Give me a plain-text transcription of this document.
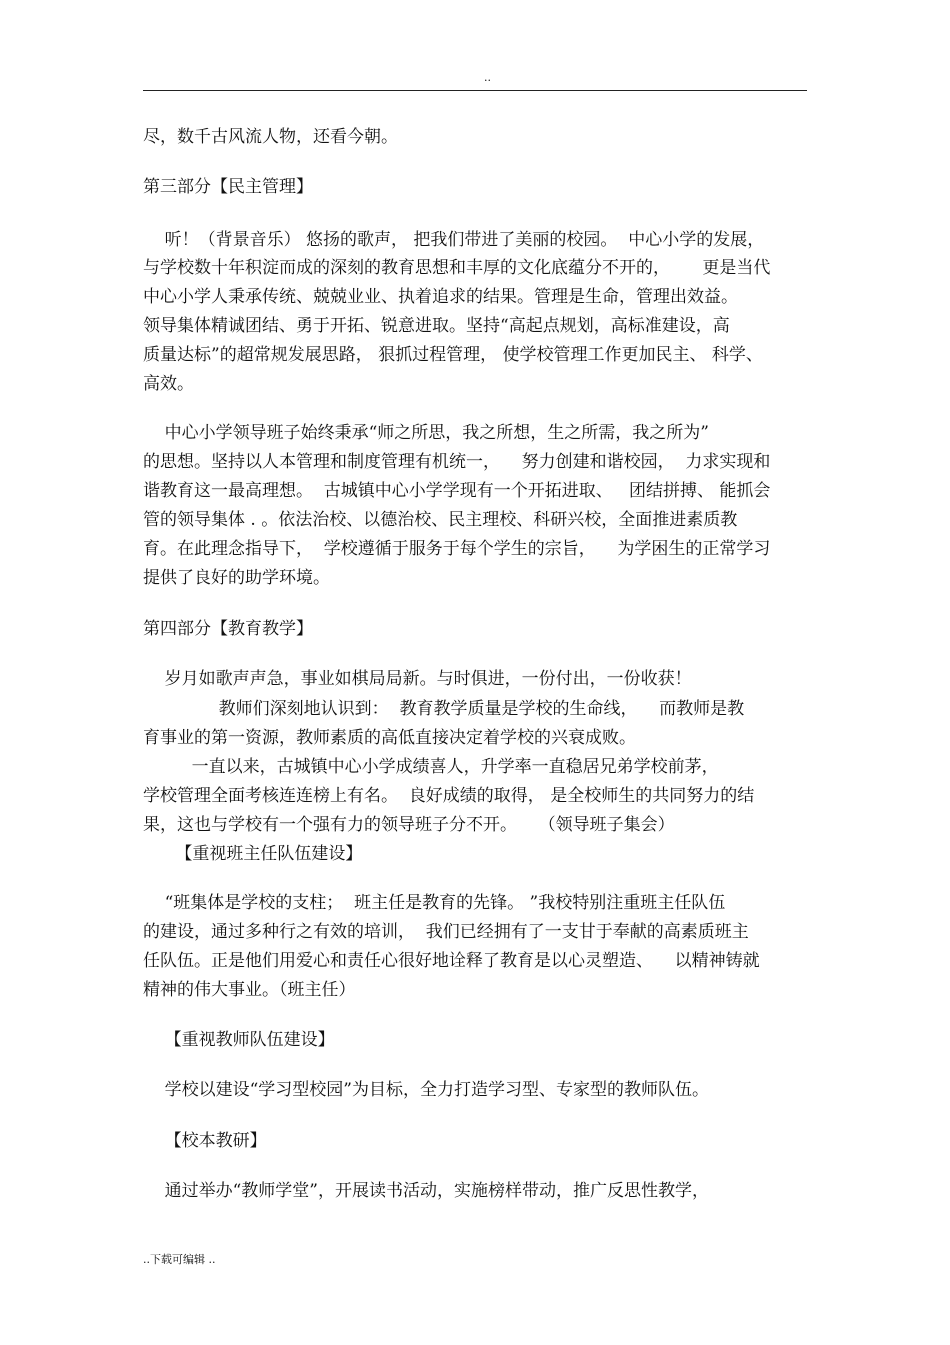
..
尽，数千古风流人物，还看今朝。
第三部分【民主管理】
听！（背景音乐） 悠扬的歌声， 把我们带进了美丽的校园。  中心小学的发展，
与学校数十年积淀而成的深刻的教育思想和丰厚的文化底蕴分不开的，      更是当代
中心小学人秉承传统、兢兢业业、执着追求的结果。管理是生命，管理出效益。
领导集体精诚团结、勇于开拓、锐意进取。坚持“高起点规划，高标准建设，高
质量达标”的超常规发展思路， 狠抓过程管理， 使学校管理工作更加民主、 科学、
高效。
中心小学领导班子始终秉承“师之所思，我之所想，生之所需，我之所为”
的思想。坚持以人本管理和制度管理有机统一，    努力创建和谐校园，  力求实现和
谐教育这一最高理想。  古城镇中心小学学现有一个开拓进取、   团结拼搏、 能抓会
管的领导集体 . 。依法治校、以德治校、民主理校、科研兴校，全面推进素质教
育。在此理念指导下，  学校遵循于服务于每个学生的宗旨，    为学困生的正常学习
提供了良好的助学环境。
第四部分【教育教学】
岁月如歌声声急，事业如棋局局新。与时俱进，一份付出，一份收获！
教师们深刻地认识到：  教育教学质量是学校的生命线，    而教师是教
育事业的第一资源，教师素质的高低直接决定着学校的兴衰成败。
一直以来，古城镇中心小学成绩喜人，升学率一直稳居兄弟学校前茅，
学校管理全面考核连连榜上有名。  良好成绩的取得， 是全校师生的共同努力的结
果，这也与学校有一个强有力的领导班子分不开。    （领导班子集会）
【重视班主任队伍建设】
“班集体是学校的支柱；  班主任是教育的先锋。 ”我校特别注重班主任队伍
的建设，通过多种行之有效的培训，  我们已经拥有了一支甘于奉献的高素质班主
任队伍。正是他们用爱心和责任心很好地诠释了教育是以心灵塑造、    以精神铸就
精神的伟大事业。（班主任）
【重视教师队伍建设】
学校以建设“学习型校园”为目标，全力打造学习型、专家型的教师队伍。
【校本教研】
通过举办“教师学堂”，开展读书活动，实施榜样带动，推广反思性教学，
..下载可编辑 ..
